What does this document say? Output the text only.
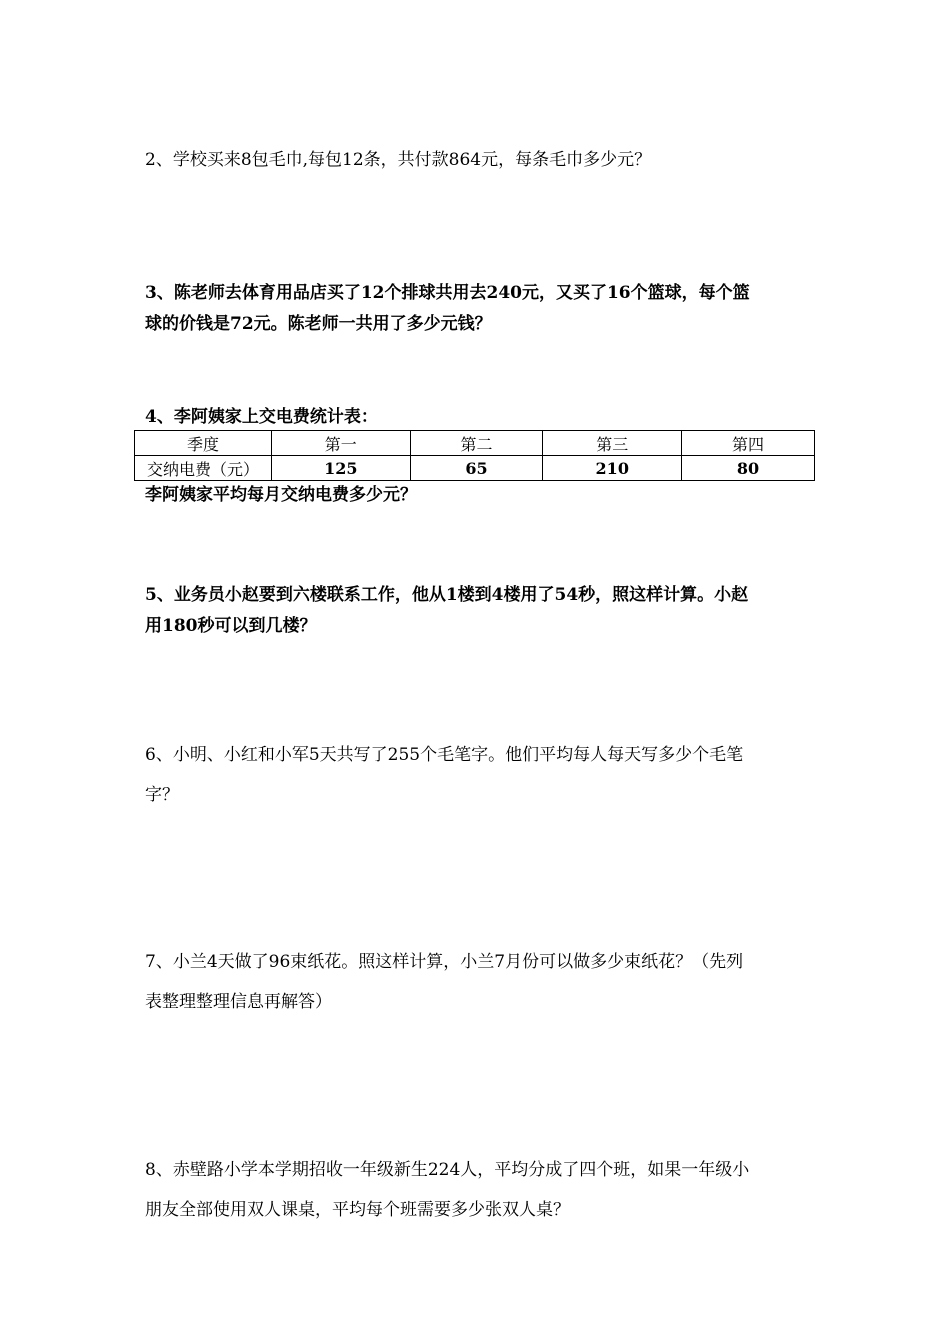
2、学校买来8包毛巾,每包12条，共付款864元，每条毛巾多少元？

3、陈老师去体育用品店买了12个排球共用去240元，又买了16个篮球，每个篮
球的价钱是72元。陈老师一共用了多少元钱？

4、李阿姨家上交电费统计表：

季度	第一	第二	第三	第四
交纳电费（元）	125	65	210	80

李阿姨家平均每月交纳电费多少元？

5、业务员小赵要到六楼联系工作，他从1楼到4楼用了54秒，照这样计算。小赵
用180秒可以到几楼？

6、小明、小红和小军5天共写了255个毛笔字。他们平均每人每天写多少个毛笔
字？

7、小兰4天做了96束纸花。照这样计算，小兰7月份可以做多少束纸花？（先列
表整理整理信息再解答）

8、赤壁路小学本学期招收一年级新生224人，平均分成了四个班，如果一年级小
朋友全部使用双人课桌，平均每个班需要多少张双人桌？
